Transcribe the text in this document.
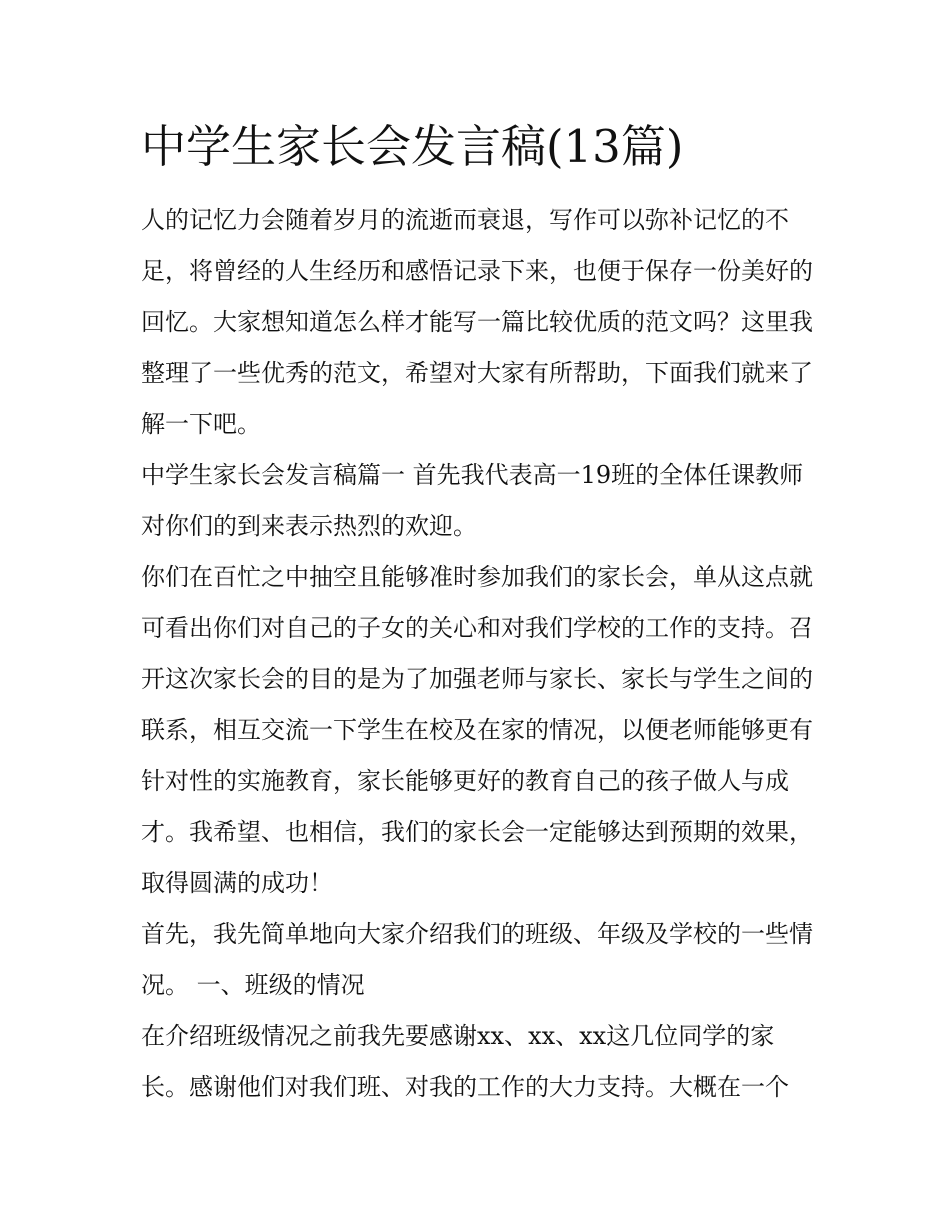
中学生家长会发言稿(13篇)

人的记忆力会随着岁月的流逝而衰退，写作可以弥补记忆的不足，将曾经的人生经历和感悟记录下来，也便于保存一份美好的回忆。大家想知道怎么样才能写一篇比较优质的范文吗？这里我整理了一些优秀的范文，希望对大家有所帮助，下面我们就来了解一下吧。

中学生家长会发言稿篇一 首先我代表高一19班的全体任课教师对你们的到来表示热烈的欢迎。

你们在百忙之中抽空且能够准时参加我们的家长会，单从这点就可看出你们对自己的子女的关心和对我们学校的工作的支持。召开这次家长会的目的是为了加强老师与家长、家长与学生之间的联系，相互交流一下学生在校及在家的情况，以便老师能够更有针对性的实施教育，家长能够更好的教育自己的孩子做人与成才。我希望、也相信，我们的家长会一定能够达到预期的效果，取得圆满的成功！

首先，我先简单地向大家介绍我们的班级、年级及学校的一些情况。 一、班级的情况

在介绍班级情况之前我先要感谢xx、xx、xx这几位同学的家长。感谢他们对我们班、对我的工作的大力支持。大概在一个
